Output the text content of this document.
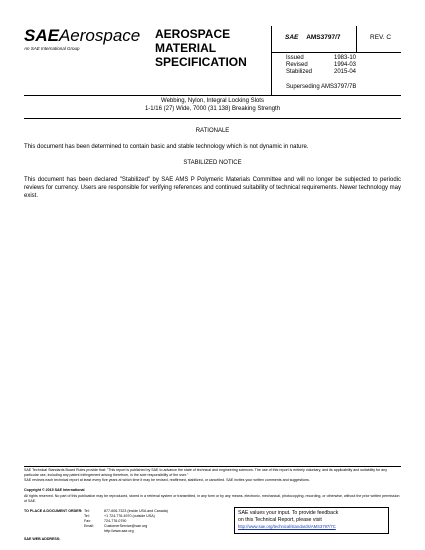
SAEAerospace
An SAE International Group
AEROSPACE
MATERIAL
SPECIFICATION
SAE AMS3797/7	REV. C
Issued	1983-10
Revised	1994-03
Stabilized	2015-04
Superseding AMS3797/7B
Webbing, Nylon, Integral Locking Slots
1-1/16 (27) Wide, 7000 (31 138) Breaking Strength
RATIONALE
This document has been determined to contain basic and stable technology which is not dynamic in nature.
STABILIZED NOTICE
This document has been declared "Stabilized" by SAE AMS P Polymeric Materials Committee and will no longer be subjected to periodic reviews for currency. Users are responsible for verifying references and continued suitability of technical requirements. Newer technology may exist.
SAE Technical Standards Board Rules provide that: "This report is published by SAE to advance the state of technical and engineering sciences. The use of this report is entirely voluntary, and its applicability and suitability for any particular use, including any patent infringement arising therefrom, is the sole responsibility of the user."
SAE reviews each technical report at least every five years at which time it may be revised, reaffirmed, stabilized, or cancelled. SAE invites your written comments and suggestions.
Copyright © 2015 SAE International
All rights reserved. No part of this publication may be reproduced, stored in a retrieval system or transmitted, in any form or by any means, electronic, mechanical, photocopying, recording, or otherwise, without the prior written permission of SAE.
TO PLACE A DOCUMENT ORDER: Tel:	877-606-7323 (inside USA and Canada)
Tel:	+1 724-776-4970 (outside USA)
Fax:	724-776-0790
Email:	CustomerService@sae.org
http://www.sae.org
SAE WEB ADDRESS:
SAE values your input. To provide feedback
on this Technical Report, please visit
http://www.sae.org/technical/standards/AMS3797/7C
